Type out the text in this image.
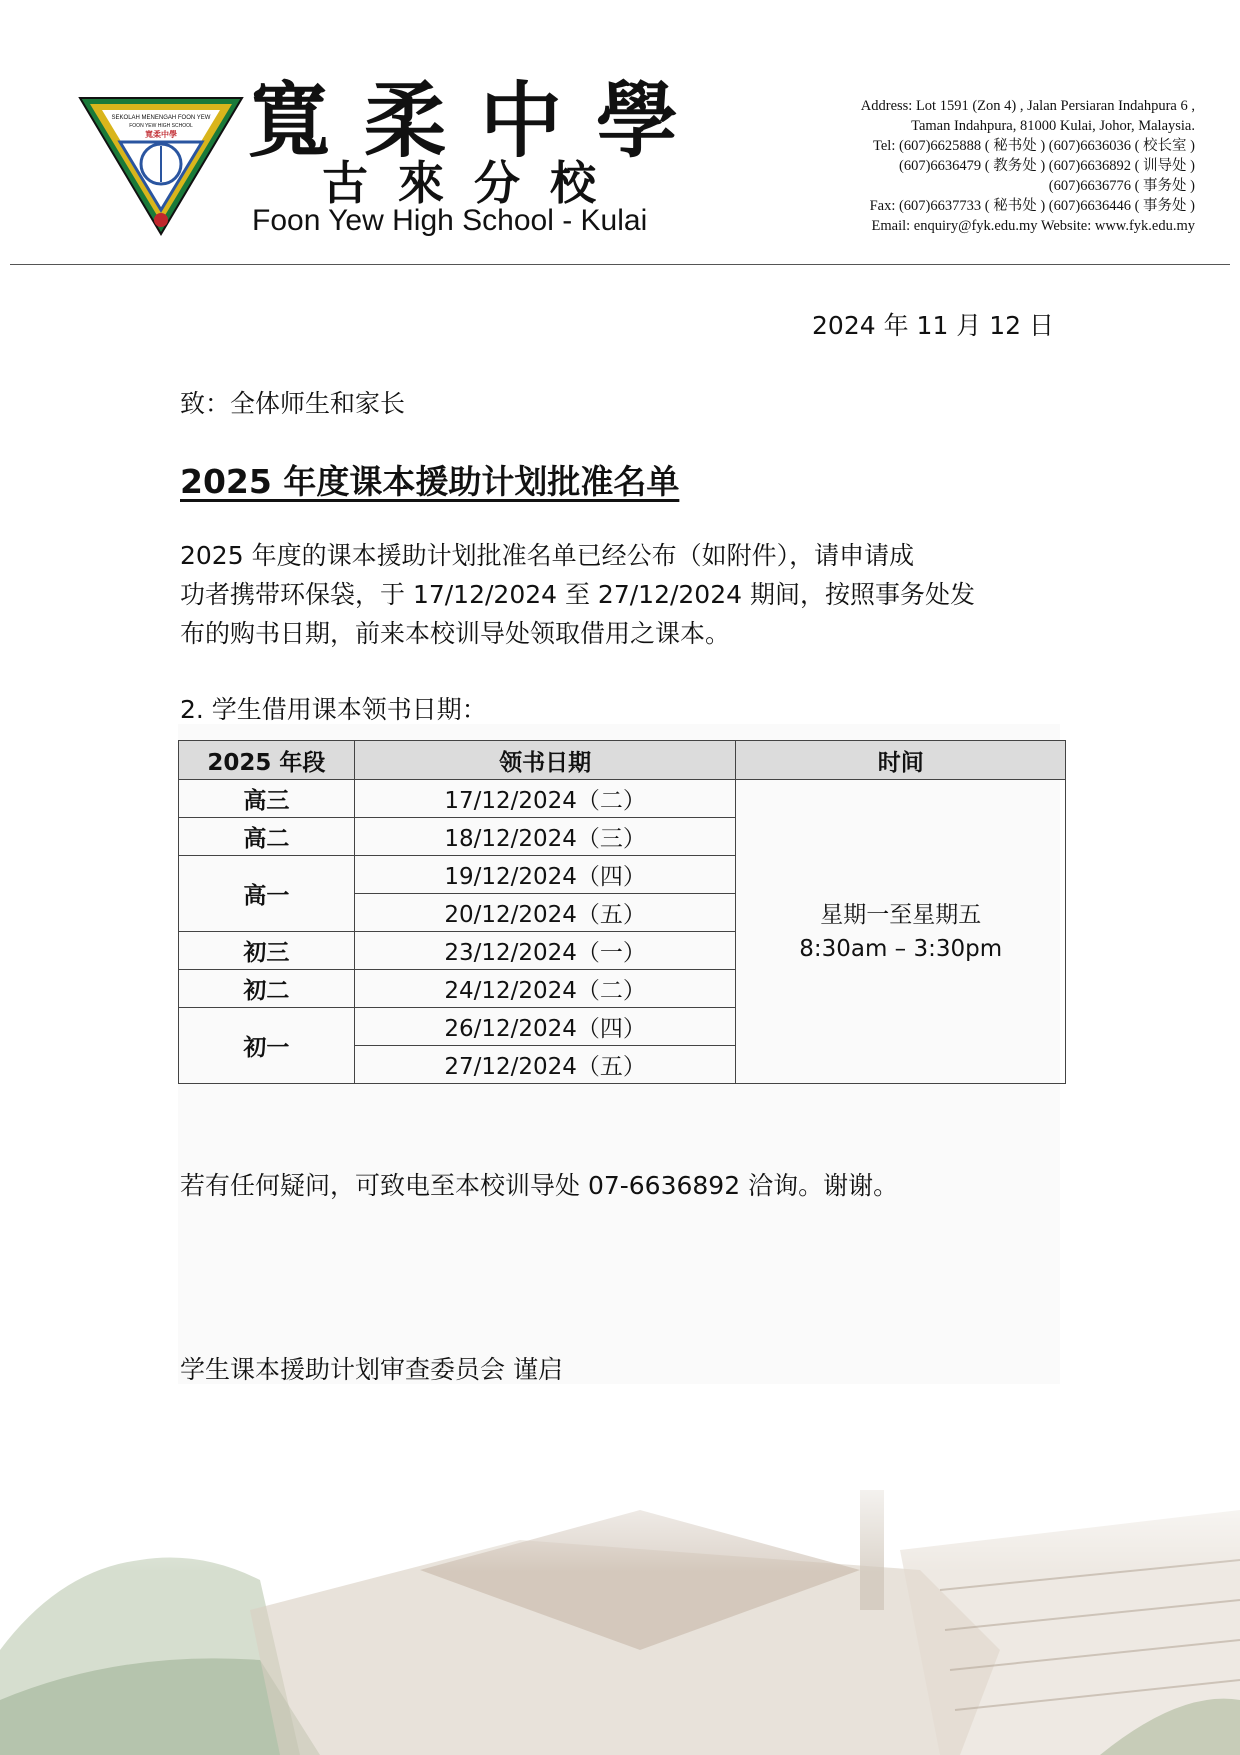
SEKOLAH MENENGAH FOON YEW
FOON YEW HIGH SCHOOL
寬柔中學 寬柔中學
古來分校
Foon Yew High School - Kulai
Address: Lot 1591 (Zon 4) , Jalan Persiaran Indahpura 6 ,
Taman Indahpura, 81000 Kulai, Johor, Malaysia.
Tel: (607)6625888 ( 秘书处 ) (607)6636036 ( 校长室 )
(607)6636479 ( 教务处 ) (607)6636892 ( 训导处 )
(607)6636776 ( 事务处 )
Fax: (607)6637733 ( 秘书处 ) (607)6636446 ( 事务处 )
Email: enquiry@fyk.edu.my Website: www.fyk.edu.my
2024 年 11 月 12 日
致：全体师生和家长
2025 年度课本援助计划批准名单
2025 年度的课本援助计划批准名单已经公布（如附件），请申请成
功者携带环保袋，于 17/12/2024 至 27/12/2024 期间，按照事务处发
布的购书日期，前来本校训导处领取借用之课本。
2. 学生借用课本领书日期：
2025 年段	领书日期	时间
高三	17/12/2024（二）	星期一至星期五
8:30am – 3:30pm

高二	18/12/2024（三）	
高一	19/12/2024（四）	
	20/12/2024（五）	
初三	23/12/2024（一）	
初二	24/12/2024（二）	
初一	26/12/2024（四）	
	27/12/2024（五）	
若有任何疑问，可致电至本校训导处 07-6636892 洽询。谢谢。
学生课本援助计划审查委员会 谨启
